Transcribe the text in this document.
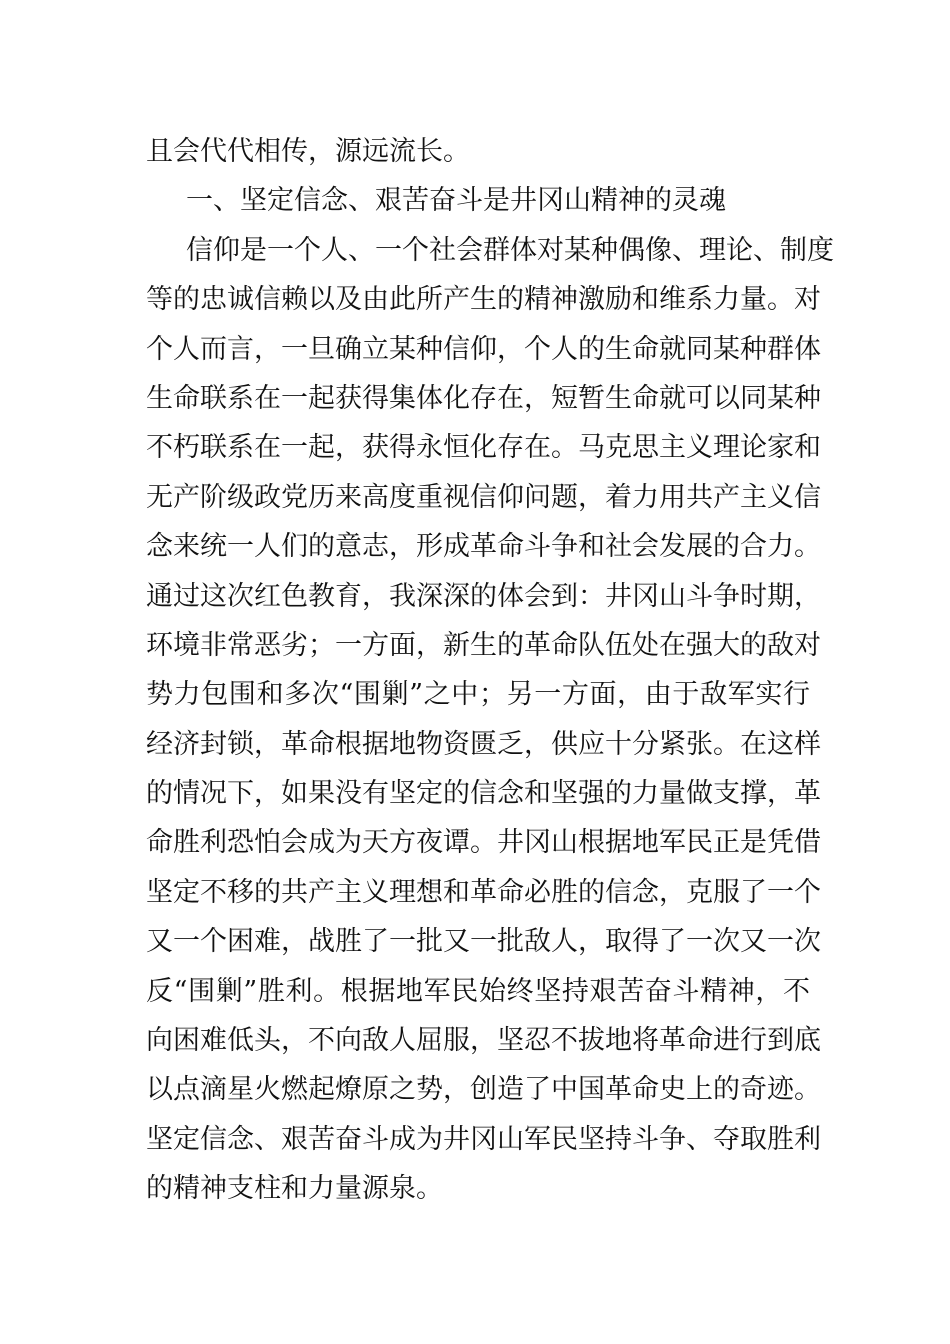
且会代代相传，源远流长。
一、坚定信念、艰苦奋斗是井冈山精神的灵魂
信仰是一个人、一个社会群体对某种偶像、理论、制度
等的忠诚信赖以及由此所产生的精神激励和维系力量。对
个人而言，一旦确立某种信仰，个人的生命就同某种群体
生命联系在一起获得集体化存在，短暂生命就可以同某种
不朽联系在一起，获得永恒化存在。马克思主义理论家和
无产阶级政党历来高度重视信仰问题，着力用共产主义信
念来统一人们的意志，形成革命斗争和社会发展的合力。
通过这次红色教育，我深深的体会到：井冈山斗争时期，
环境非常恶劣；一方面，新生的革命队伍处在强大的敌对
势力包围和多次“围剿”之中；另一方面，由于敌军实行
经济封锁，革命根据地物资匮乏，供应十分紧张。在这样
的情况下，如果没有坚定的信念和坚强的力量做支撑，革
命胜利恐怕会成为天方夜谭。井冈山根据地军民正是凭借
坚定不移的共产主义理想和革命必胜的信念，克服了一个
又一个困难，战胜了一批又一批敌人，取得了一次又一次
反“围剿”胜利。根据地军民始终坚持艰苦奋斗精神，不
向困难低头，不向敌人屈服，坚忍不拔地将革命进行到底
以点滴星火燃起燎原之势，创造了中国革命史上的奇迹。
坚定信念、艰苦奋斗成为井冈山军民坚持斗争、夺取胜利
的精神支柱和力量源泉。
